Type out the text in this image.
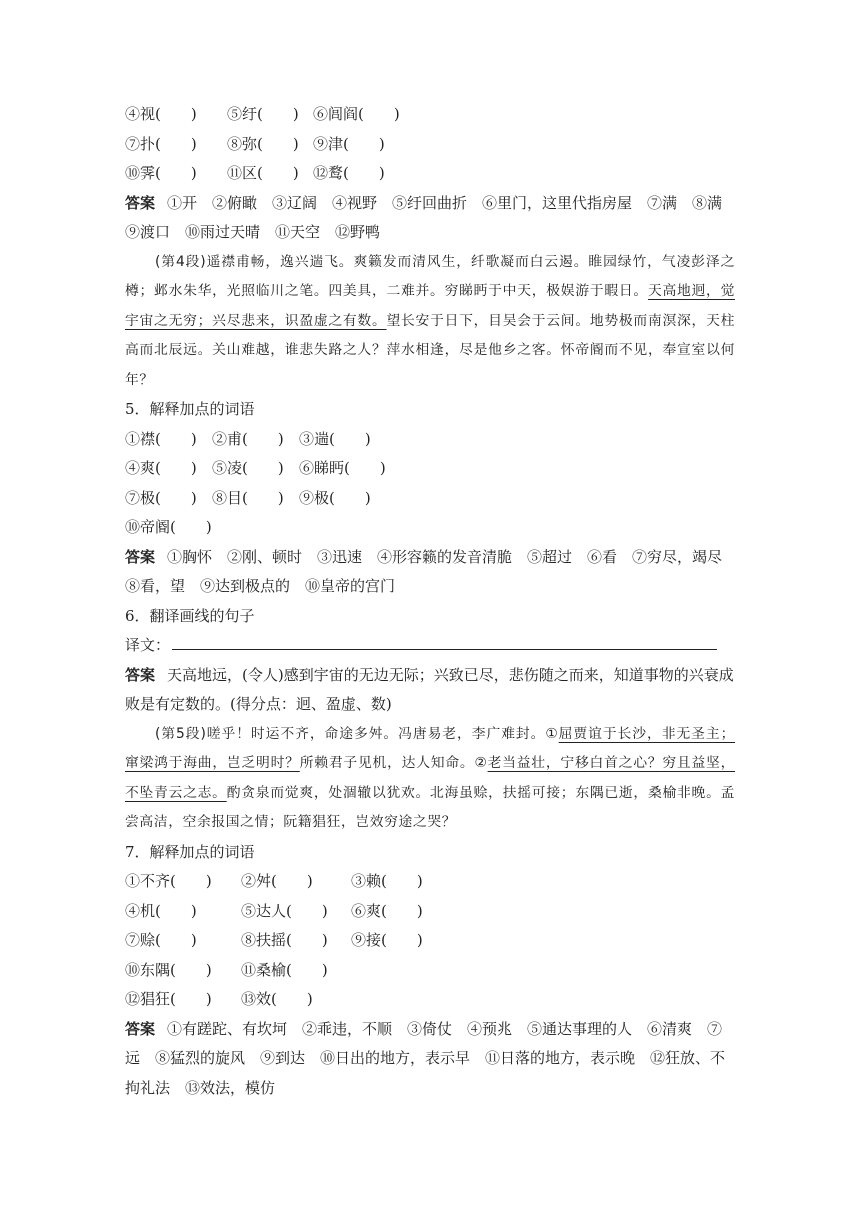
④视(　　) ⑤纡(　　) ⑥闾阎(　　)
⑦扑(　　) ⑧弥(　　) ⑨津(　　)
⑩霁(　　) ⑪区(　　) ⑫鹜(　　)
答案 ①开　②俯瞰　③辽阔　④视野　⑤纡回曲折　⑥里门，这里代指房屋　⑦满　⑧满　⑨渡口　⑩雨过天晴　⑪天空　⑫野鸭
(第4段)遥襟甫畅，逸兴遄飞。爽籁发而清风生，纤歌凝而白云遏。睢园绿竹，气凌彭泽之樽；邺水朱华，光照临川之笔。四美具，二难并。穷睇眄于中天，极娱游于暇日。天高地迥，觉宇宙之无穷；兴尽悲来，识盈虚之有数。望长安于日下，目吴会于云间。地势极而南溟深，天柱高而北辰远。关山难越，谁悲失路之人？萍水相逢，尽是他乡之客。怀帝阍而不见，奉宣室以何年？
5．解释加点的词语
①襟(　　) ②甫(　　) ③遄(　　)
④爽(　　) ⑤凌(　　) ⑥睇眄(　　)
⑦极(　　) ⑧目(　　) ⑨极(　　)
⑩帝阍(　　)
答案 ①胸怀　②刚、顿时　③迅速　④形容籁的发音清脆　⑤超过　⑥看　⑦穷尽，竭尽　⑧看，望　⑨达到极点的　⑩皇帝的宫门
6．翻译画线的句子
译文：
答案 天高地远，(令人)感到宇宙的无边无际；兴致已尽，悲伤随之而来，知道事物的兴衰成败是有定数的。(得分点：迥、盈虚、数)
(第5段)嗟乎！时运不齐，命途多舛。冯唐易老，李广难封。①屈贾谊于长沙，非无圣主；窜梁鸿于海曲，岂乏明时？所赖君子见机，达人知命。②老当益壮，宁移白首之心？穷且益坚，不坠青云之志。酌贪泉而觉爽，处涸辙以犹欢。北海虽赊，扶摇可接；东隅已逝，桑榆非晚。孟尝高洁，空余报国之情；阮籍猖狂，岂效穷途之哭？
7．解释加点的词语
①不齐(　　) ②舛(　　)	③赖(　　)
④机(　　)	⑤达人(　　) ⑥爽(　　)
⑦赊(　　)	⑧扶摇(　　) ⑨接(　　)
⑩东隅(　　) ⑪桑榆(　　)
⑫猖狂(　　) ⑬效(　　)
答案 ①有蹉跎、有坎坷　②乖违，不顺　③倚仗　④预兆　⑤通达事理的人　⑥清爽　⑦远　⑧猛烈的旋风　⑨到达　⑩日出的地方，表示早　⑪日落的地方，表示晚　⑫狂放、不拘礼法　⑬效法，模仿
